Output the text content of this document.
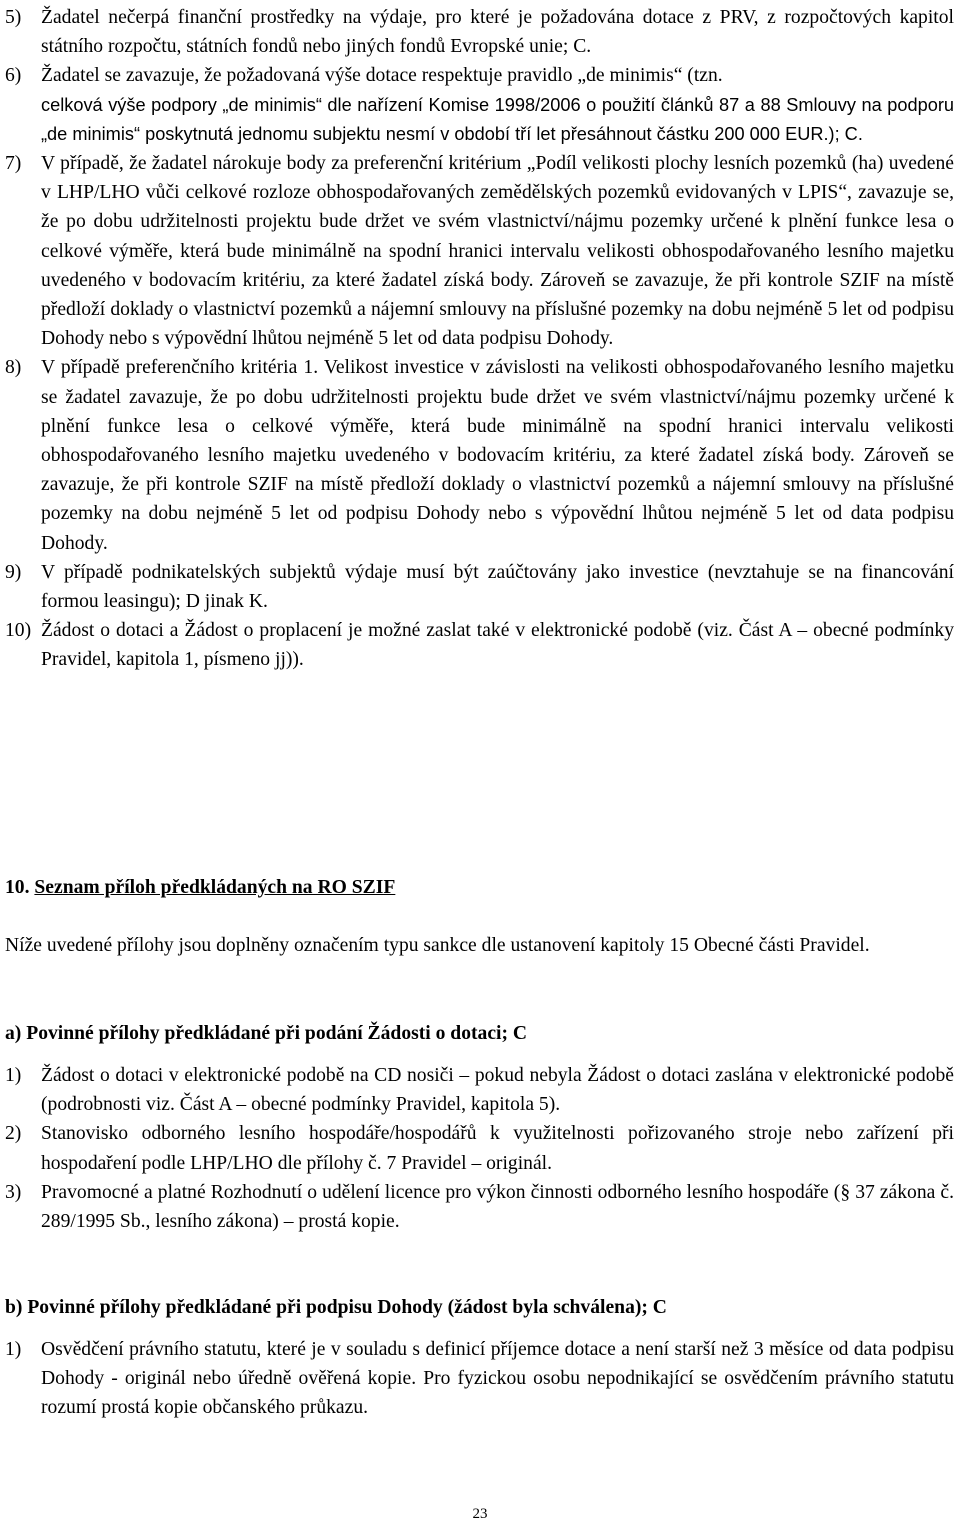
5) Žadatel nečerpá finanční prostředky na výdaje, pro které je požadována dotace z PRV, z rozpočtových kapitol státního rozpočtu, státních fondů nebo jiných fondů Evropské unie; C.

6) Žadatel se zavazuje, že požadovaná výše dotace respektuje pravidlo „de minimis“ (tzn.

celková výše podpory „de minimis“ dle nařízení Komise 1998/2006 o použití článků 87 a 88 Smlouvy na podporu „de minimis“ poskytnutá jednomu subjektu nesmí v období tří let přesáhnout částku 200 000 EUR.); C.

7) V případě, že žadatel nárokuje body za preferenční kritérium „Podíl velikosti plochy lesních pozemků (ha) uvedené v LHP/LHO vůči celkové rozloze obhospodařovaných zemědělských pozemků evidovaných v LPIS“, zavazuje se, že po dobu udržitelnosti projektu bude držet ve svém vlastnictví/nájmu pozemky určené k plnění funkce lesa o celkové výměře, která bude minimálně na spodní hranici intervalu velikosti obhospodařovaného lesního majetku uvedeného v bodovacím kritériu, za které žadatel získá body. Zároveň se zavazuje, že při kontrole SZIF na místě předloží doklady o vlastnictví pozemků a nájemní smlouvy na příslušné pozemky na dobu nejméně 5 let od podpisu Dohody nebo s výpovědní lhůtou nejméně 5 let od data podpisu Dohody.

8) V případě preferenčního kritéria 1. Velikost investice v závislosti na velikosti obhospodařovaného lesního majetku se žadatel zavazuje, že po dobu udržitelnosti projektu bude držet ve svém vlastnictví/nájmu pozemky určené k plnění funkce lesa o celkové výměře, která bude minimálně na spodní hranici intervalu velikosti obhospodařovaného lesního majetku uvedeného v bodovacím kritériu, za které žadatel získá body. Zároveň se zavazuje, že při kontrole SZIF na místě předloží doklady o vlastnictví pozemků a nájemní smlouvy na příslušné pozemky na dobu nejméně 5 let od podpisu Dohody nebo s výpovědní lhůtou nejméně 5 let od data podpisu Dohody.

9) V případě podnikatelských subjektů výdaje musí být zaúčtovány jako investice (nevztahuje se na financování formou leasingu); D jinak K.

10) Žádost o dotaci a Žádost o proplacení je možné zaslat také v elektronické podobě (viz. Část A – obecné podmínky Pravidel, kapitola 1, písmeno jj)).

10. Seznam příloh předkládaných na RO SZIF
Níže uvedené přílohy jsou doplněny označením typu sankce dle ustanovení kapitoly 15 Obecné části Pravidel.
a) Povinné přílohy předkládané při podání Žádosti o dotaci; C
1) Žádost o dotaci v elektronické podobě na CD nosiči – pokud nebyla Žádost o dotaci zaslána v elektronické podobě (podrobnosti viz. Část A – obecné podmínky Pravidel, kapitola 5).

2) Stanovisko odborného lesního hospodáře/hospodářů k využitelnosti pořizovaného stroje nebo zařízení při hospodaření podle LHP/LHO dle přílohy č. 7 Pravidel – originál.

3) Pravomocné a platné Rozhodnutí o udělení licence pro výkon činnosti odborného lesního hospodáře (§ 37 zákona č. 289/1995 Sb., lesního zákona) – prostá kopie.

b) Povinné přílohy předkládané při podpisu Dohody (žádost byla schválena); C
1) Osvědčení právního statutu, které je v souladu s definicí příjemce dotace a není starší než 3 měsíce od data podpisu Dohody - originál nebo úředně ověřená kopie. Pro fyzickou osobu nepodnikající se osvědčením právního statutu rozumí prostá kopie občanského průkazu.

23
